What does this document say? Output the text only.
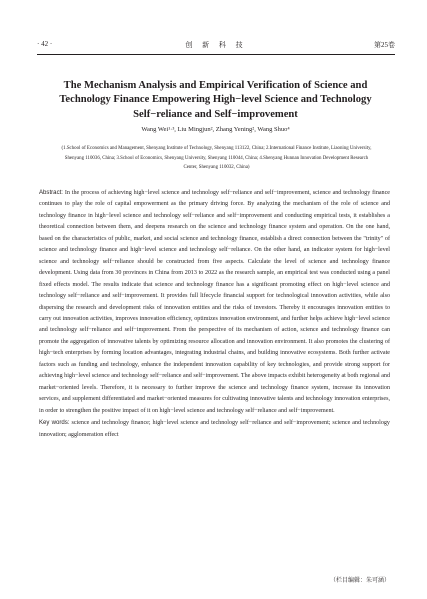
· 42 ·	创 新 科 技	第25卷
The Mechanism Analysis and Empirical Verification of Science and Technology Finance Empowering High−level Science and Technology Self−reliance and Self−improvement
Wang Wei¹·³, Liu Mingjun², Zhang Yening², Wang Shuo⁴
(1.School of Economics and Management, Shenyang Institute of Technology, Shenyang 113122, China; 2.International Finance Institute, Liaoning University, Shenyang 110036, China; 3.School of Economics, Shenyang University, Shenyang 110044, China; 4.Shenyang Hunnan Innovation Development Research Center, Shenyang 110032, China)

Abstract: In the process of achieving high−level science and technology self−reliance and self−improvement, science and technology finance continues to play the role of capital empowerment as the primary driving force. By analyzing the mechanism of the role of science and technology finance in high−level science and technology self−reliance and self−improvement and conducting empirical tests, it establishes a theoretical connection between them, and deepens research on the science and technology finance system and operation. On the one hand, based on the characteristics of public, market, and social science and technology finance, establish a direct connection between the "trinity" of science and technology finance and high−level science and technology self−reliance. On the other hand, an indicator system for high−level science and technology self−reliance should be constructed from five aspects. Calculate the level of science and technology finance development. Using data from 30 provinces in China from 2013 to 2022 as the research sample, an empirical test was conducted using a panel fixed effects model. The results indicate that science and technology finance has a significant promoting effect on high−level science and technology self−reliance and self−improvement. It provides full lifecycle financial support for technological innovation activities, while also dispersing the research and development risks of innovation entities and the risks of investors. Thereby it encourages innovation entities to carry out innovation activities, improves innovation efficiency, optimizes innovation environment, and further helps achieve high−level science and technology self−reliance and self−improvement. From the perspective of its mechanism of action, science and technology finance can promote the aggregation of innovative talents by optimizing resource allocation and innovation environment. It also promotes the clustering of high−tech enterprises by forming location advantages, integrating industrial chains, and building innovative ecosystems. Both further activate factors such as funding and technology, enhance the independent innovation capability of key technologies, and provide strong support for achieving high−level science and technology self−reliance and self−improvement. The above impacts exhibit heterogeneity at both regional and market−oriented levels. Therefore, it is necessary to further improve the science and technology finance system, increase its innovation services, and supplement differentiated and market−oriented measures for cultivating innovative talents and technology innovation enterprises, in order to strengthen the positive impact of it on high−level science and technology self−reliance and self−improvement.

Key words: science and technology finance; high−level science and technology self−reliance and self−improvement; science and technology innovation; agglomeration effect

（栏目编辑：朱可涵）
